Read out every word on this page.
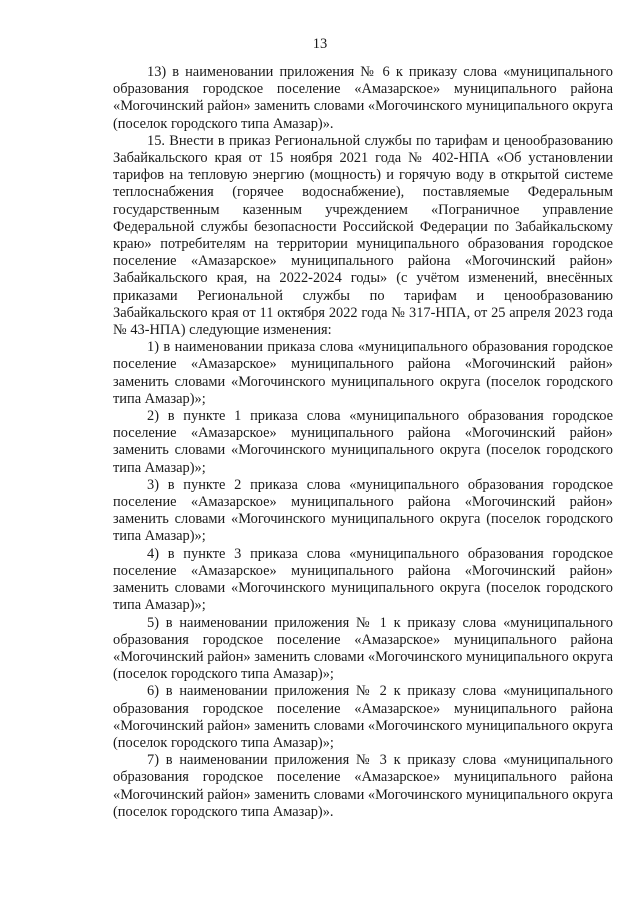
13

13) в наименовании приложения № 6 к приказу слова «муниципального образования городское поселение «Амазарское» муниципального района «Могочинский район» заменить словами «Могочинского муниципального округа (поселок городского типа Амазар)».

15. Внести в приказ Региональной службы по тарифам и ценообразованию Забайкальского края от 15 ноября 2021 года № 402-НПА «Об установлении тарифов на тепловую энергию (мощность) и горячую воду в открытой системе теплоснабжения (горячее водоснабжение), поставляемые Федеральным государственным казенным учреждением «Пограничное управление Федеральной службы безопасности Российской Федерации по Забайкальскому краю» потребителям на территории муниципального образования городское поселение «Амазарское» муниципального района «Могочинский район» Забайкальского края, на 2022-2024 годы» (с учётом изменений, внесённых приказами Региональной службы по тарифам и ценообразованию Забайкальского края от 11 октября 2022 года № 317-НПА, от 25 апреля 2023 года № 43-НПА) следующие изменения:

1) в наименовании приказа слова «муниципального образования городское поселение «Амазарское» муниципального района «Могочинский район» заменить словами «Могочинского муниципального округа (поселок городского типа Амазар)»;

2) в пункте 1 приказа слова «муниципального образования городское поселение «Амазарское» муниципального района «Могочинский район» заменить словами «Могочинского муниципального округа (поселок городского типа Амазар)»;

3) в пункте 2 приказа слова «муниципального образования городское поселение «Амазарское» муниципального района «Могочинский район» заменить словами «Могочинского муниципального округа (поселок городского типа Амазар)»;

4) в пункте 3 приказа слова «муниципального образования городское поселение «Амазарское» муниципального района «Могочинский район» заменить словами «Могочинского муниципального округа (поселок городского типа Амазар)»;

5) в наименовании приложения № 1 к приказу слова «муниципального образования городское поселение «Амазарское» муниципального района «Могочинский район» заменить словами «Могочинского муниципального округа (поселок городского типа Амазар)»;

6) в наименовании приложения № 2 к приказу слова «муниципального образования городское поселение «Амазарское» муниципального района «Могочинский район» заменить словами «Могочинского муниципального округа (поселок городского типа Амазар)»;

7) в наименовании приложения № 3 к приказу слова «муниципального образования городское поселение «Амазарское» муниципального района «Могочинский район» заменить словами «Могочинского муниципального округа (поселок городского типа Амазар)».
